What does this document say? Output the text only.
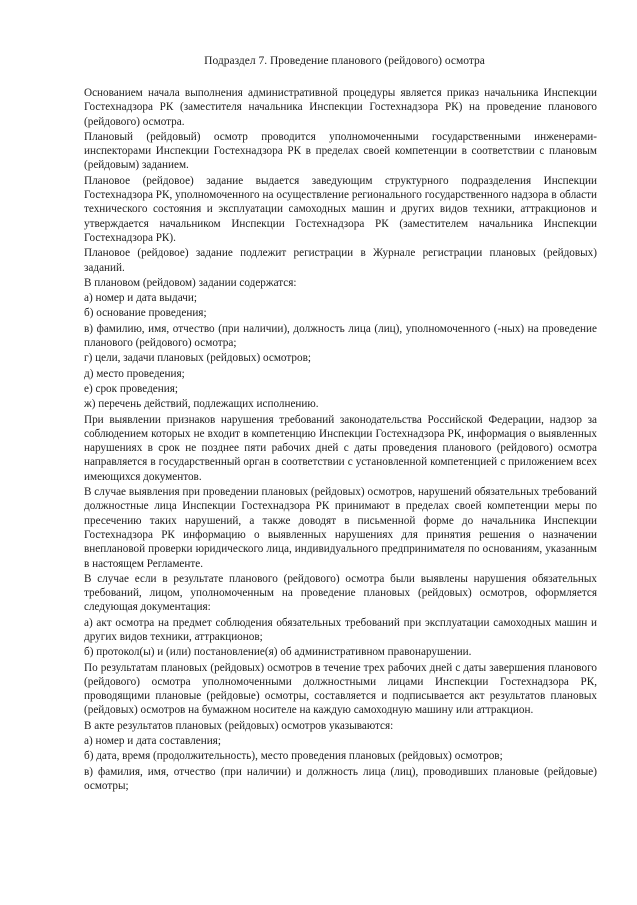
Подраздел 7. Проведение планового (рейдового) осмотра

Основанием начала выполнения административной процедуры является приказ начальника Инспекции Гостехнадзора РК (заместителя начальника Инспекции Гостехнадзора РК) на проведение планового (рейдового) осмотра.

Плановый (рейдовый) осмотр проводится уполномоченными государственными инженерами-инспекторами Инспекции Гостехнадзора РК в пределах своей компетенции в соответствии с плановым (рейдовым) заданием.

Плановое (рейдовое) задание выдается заведующим структурного подразделения Инспекции Гостехнадзора РК, уполномоченного на осуществление регионального государственного надзора в области технического состояния и эксплуатации самоходных машин и других видов техники, аттракционов и утверждается начальником Инспекции Гостехнадзора РК (заместителем начальника Инспекции Гостехнадзора РК).

Плановое (рейдовое) задание подлежит регистрации в Журнале регистрации плановых (рейдовых) заданий.

В плановом (рейдовом) задании содержатся:

а) номер и дата выдачи;

б) основание проведения;

в) фамилию, имя, отчество (при наличии), должность лица (лиц), уполномоченного (-ных) на проведение планового (рейдового) осмотра;

г) цели, задачи плановых (рейдовых) осмотров;

д) место проведения;

е) срок проведения;

ж) перечень действий, подлежащих исполнению.

При выявлении признаков нарушения требований законодательства Российской Федерации, надзор за соблюдением которых не входит в компетенцию Инспекции Гостехнадзора РК, информация о выявленных нарушениях в срок не позднее пяти рабочих дней с даты проведения планового (рейдового) осмотра направляется в государственный орган в соответствии с установленной компетенцией с приложением всех имеющихся документов.

В случае выявления при проведении плановых (рейдовых) осмотров, нарушений обязательных требований должностные лица Инспекции Гостехнадзора РК принимают в пределах своей компетенции меры по пресечению таких нарушений, а также доводят в письменной форме до начальника Инспекции Гостехнадзора РК информацию о выявленных нарушениях для принятия решения о назначении внеплановой проверки юридического лица, индивидуального предпринимателя по основаниям, указанным в настоящем Регламенте.

В случае если в результате планового (рейдового) осмотра были выявлены нарушения обязательных требований, лицом, уполномоченным на проведение плановых (рейдовых) осмотров, оформляется следующая документация:

а) акт осмотра на предмет соблюдения обязательных требований при эксплуатации самоходных машин и других видов техники, аттракционов;

б) протокол(ы) и (или) постановление(я) об административном правонарушении.

По результатам плановых (рейдовых) осмотров в течение трех рабочих дней с даты завершения планового (рейдового) осмотра уполномоченными должностными лицами Инспекции Гостехнадзора РК, проводящими плановые (рейдовые) осмотры, составляется и подписывается акт результатов плановых (рейдовых) осмотров на бумажном носителе на каждую самоходную машину или аттракцион.

В акте результатов плановых (рейдовых) осмотров указываются:

а) номер и дата составления;

б) дата, время (продолжительность), место проведения плановых (рейдовых) осмотров;

в) фамилия, имя, отчество (при наличии) и должность лица (лиц), проводивших плановые (рейдовые) осмотры;
